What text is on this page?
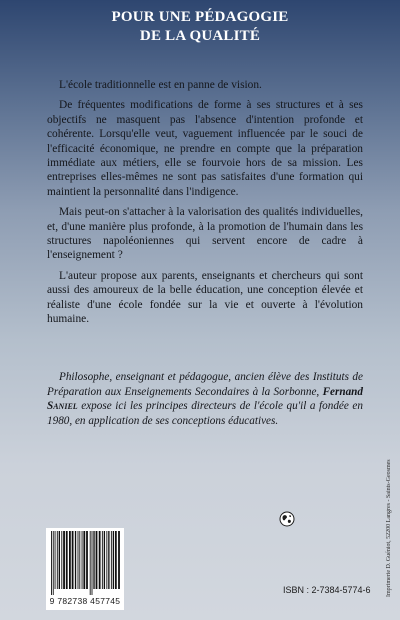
POUR UNE PÉDAGOGIE
DE LA QUALITÉ

L'école traditionnelle est en panne de vision.

De fréquentes modifications de forme à ses structures et à ses objectifs ne masquent pas l'absence d'intention profonde et cohérente. Lorsqu'elle veut, vaguement influencée par le souci de l'efficacité économique, ne prendre en compte que la préparation immédiate aux métiers, elle se fourvoie hors de sa mission. Les entreprises elles-mêmes ne sont pas satisfaites d'une formation qui maintient la personnalité dans l'indigence.

Mais peut-on s'attacher à la valorisation des qualités individuelles, et, d'une manière plus profonde, à la promotion de l'humain dans les structures napoléoniennes qui servent encore de cadre à l'enseignement ?

L'auteur propose aux parents, enseignants et chercheurs qui sont aussi des amoureux de la belle éducation, une conception élevée et réaliste d'une école fondée sur la vie et ouverte à l'évolution humaine.

Philosophe, enseignant et pédagogue, ancien élève des Instituts de Préparation aux Enseignements Secondaires à la Sorbonne, Fernand Saniel expose ici les principes directeurs de l'école qu'il a fondée en 1980, en application de ses conceptions éducatives.
9 782738 457745
ISBN : 2-7384-5774-6	Imprimerie D. Guéniot, 52200 Langres - Saints-Geosmes
